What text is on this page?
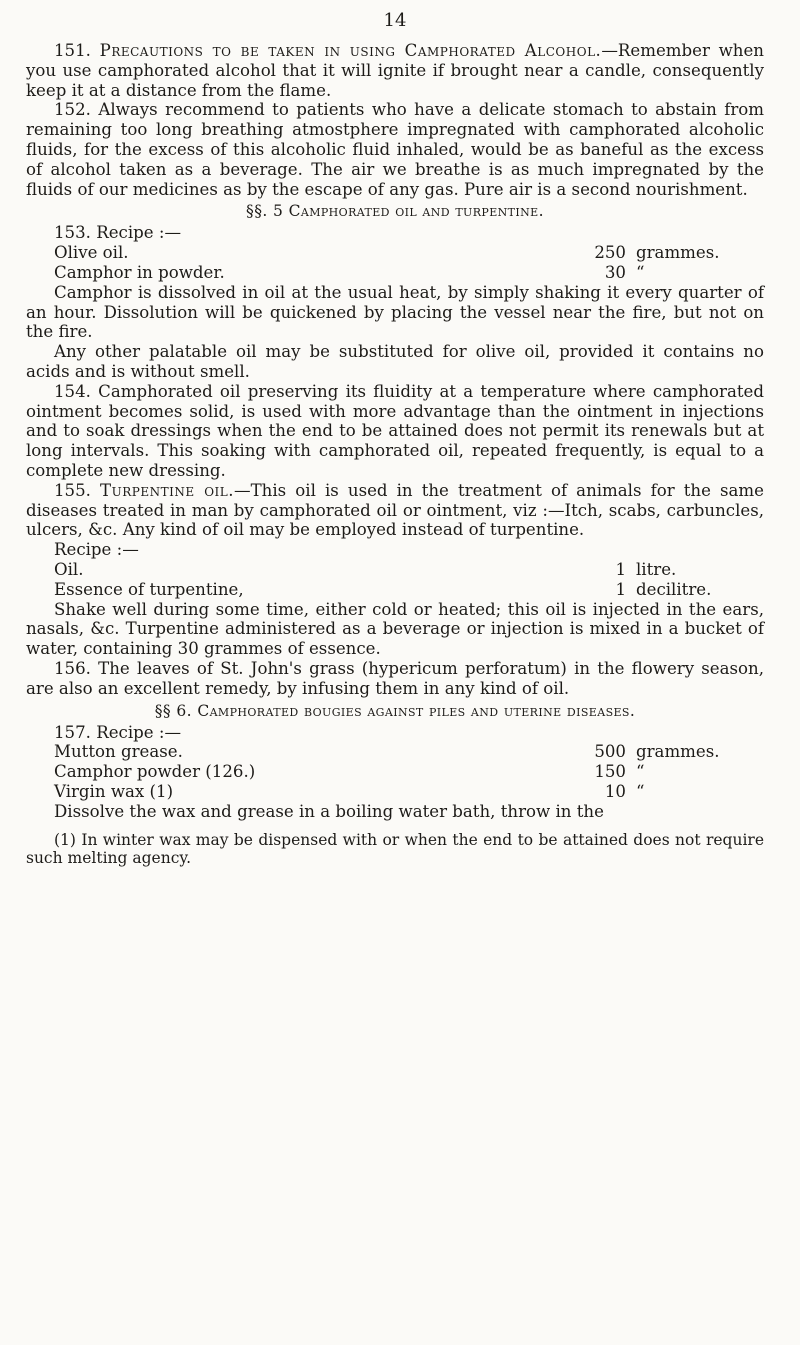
14

151. Precautions to be taken in using Camphorated Alcohol.—Remember when you use camphorated alcohol that it will ignite if brought near a candle, consequently keep it at a distance from the flame.

152. Always recommend to patients who have a delicate stomach to abstain from remaining too long breathing atmostphere impregnated with camphorated alcoholic fluids, for the excess of this alcoholic fluid inhaled, would be as baneful as the excess of alcohol taken as a beverage. The air we breathe is as much impregnated by the fluids of our medicines as by the escape of any gas. Pure air is a second nourishment.

§§. 5 Camphorated oil and turpentine.
153. Recipe :—
Olive oil.	250 grammes.
Camphor in powder.	30 “

Camphor is dissolved in oil at the usual heat, by simply shaking it every quarter of an hour. Dissolution will be quickened by placing the vessel near the fire, but not on the fire.

Any other palatable oil may be substituted for olive oil, provided it contains no acids and is without smell.

154. Camphorated oil preserving its fluidity at a temperature where camphorated ointment becomes solid, is used with more advantage than the ointment in injections and to soak dressings when the end to be attained does not permit its renewals but at long intervals. This soaking with camphorated oil, repeated frequently, is equal to a complete new dressing.

155. Turpentine oil.—This oil is used in the treatment of animals for the same diseases treated in man by camphorated oil or ointment, viz :—Itch, scabs, carbuncles, ulcers, &c. Any kind of oil may be employed instead of turpentine.

Recipe :—
Oil.	1 litre.
Essence of turpentine,	1 decilitre.

Shake well during some time, either cold or heated; this oil is injected in the ears, nasals, &c. Turpentine administered as a beverage or injection is mixed in a bucket of water, containing 30 grammes of essence.

156. The leaves of St. John's grass (hypericum perforatum) in the flowery season, are also an excellent remedy, by infusing them in any kind of oil.

§§ 6. Camphorated bougies against piles and uterine diseases.
157. Recipe :—
Mutton grease.	500 grammes.
Camphor powder (126.)	150 “
Virgin wax (1)	10 “

Dissolve the wax and grease in a boiling water bath, throw in the

(1) In winter wax may be dispensed with or when the end to be attained does not require such melting agency.
